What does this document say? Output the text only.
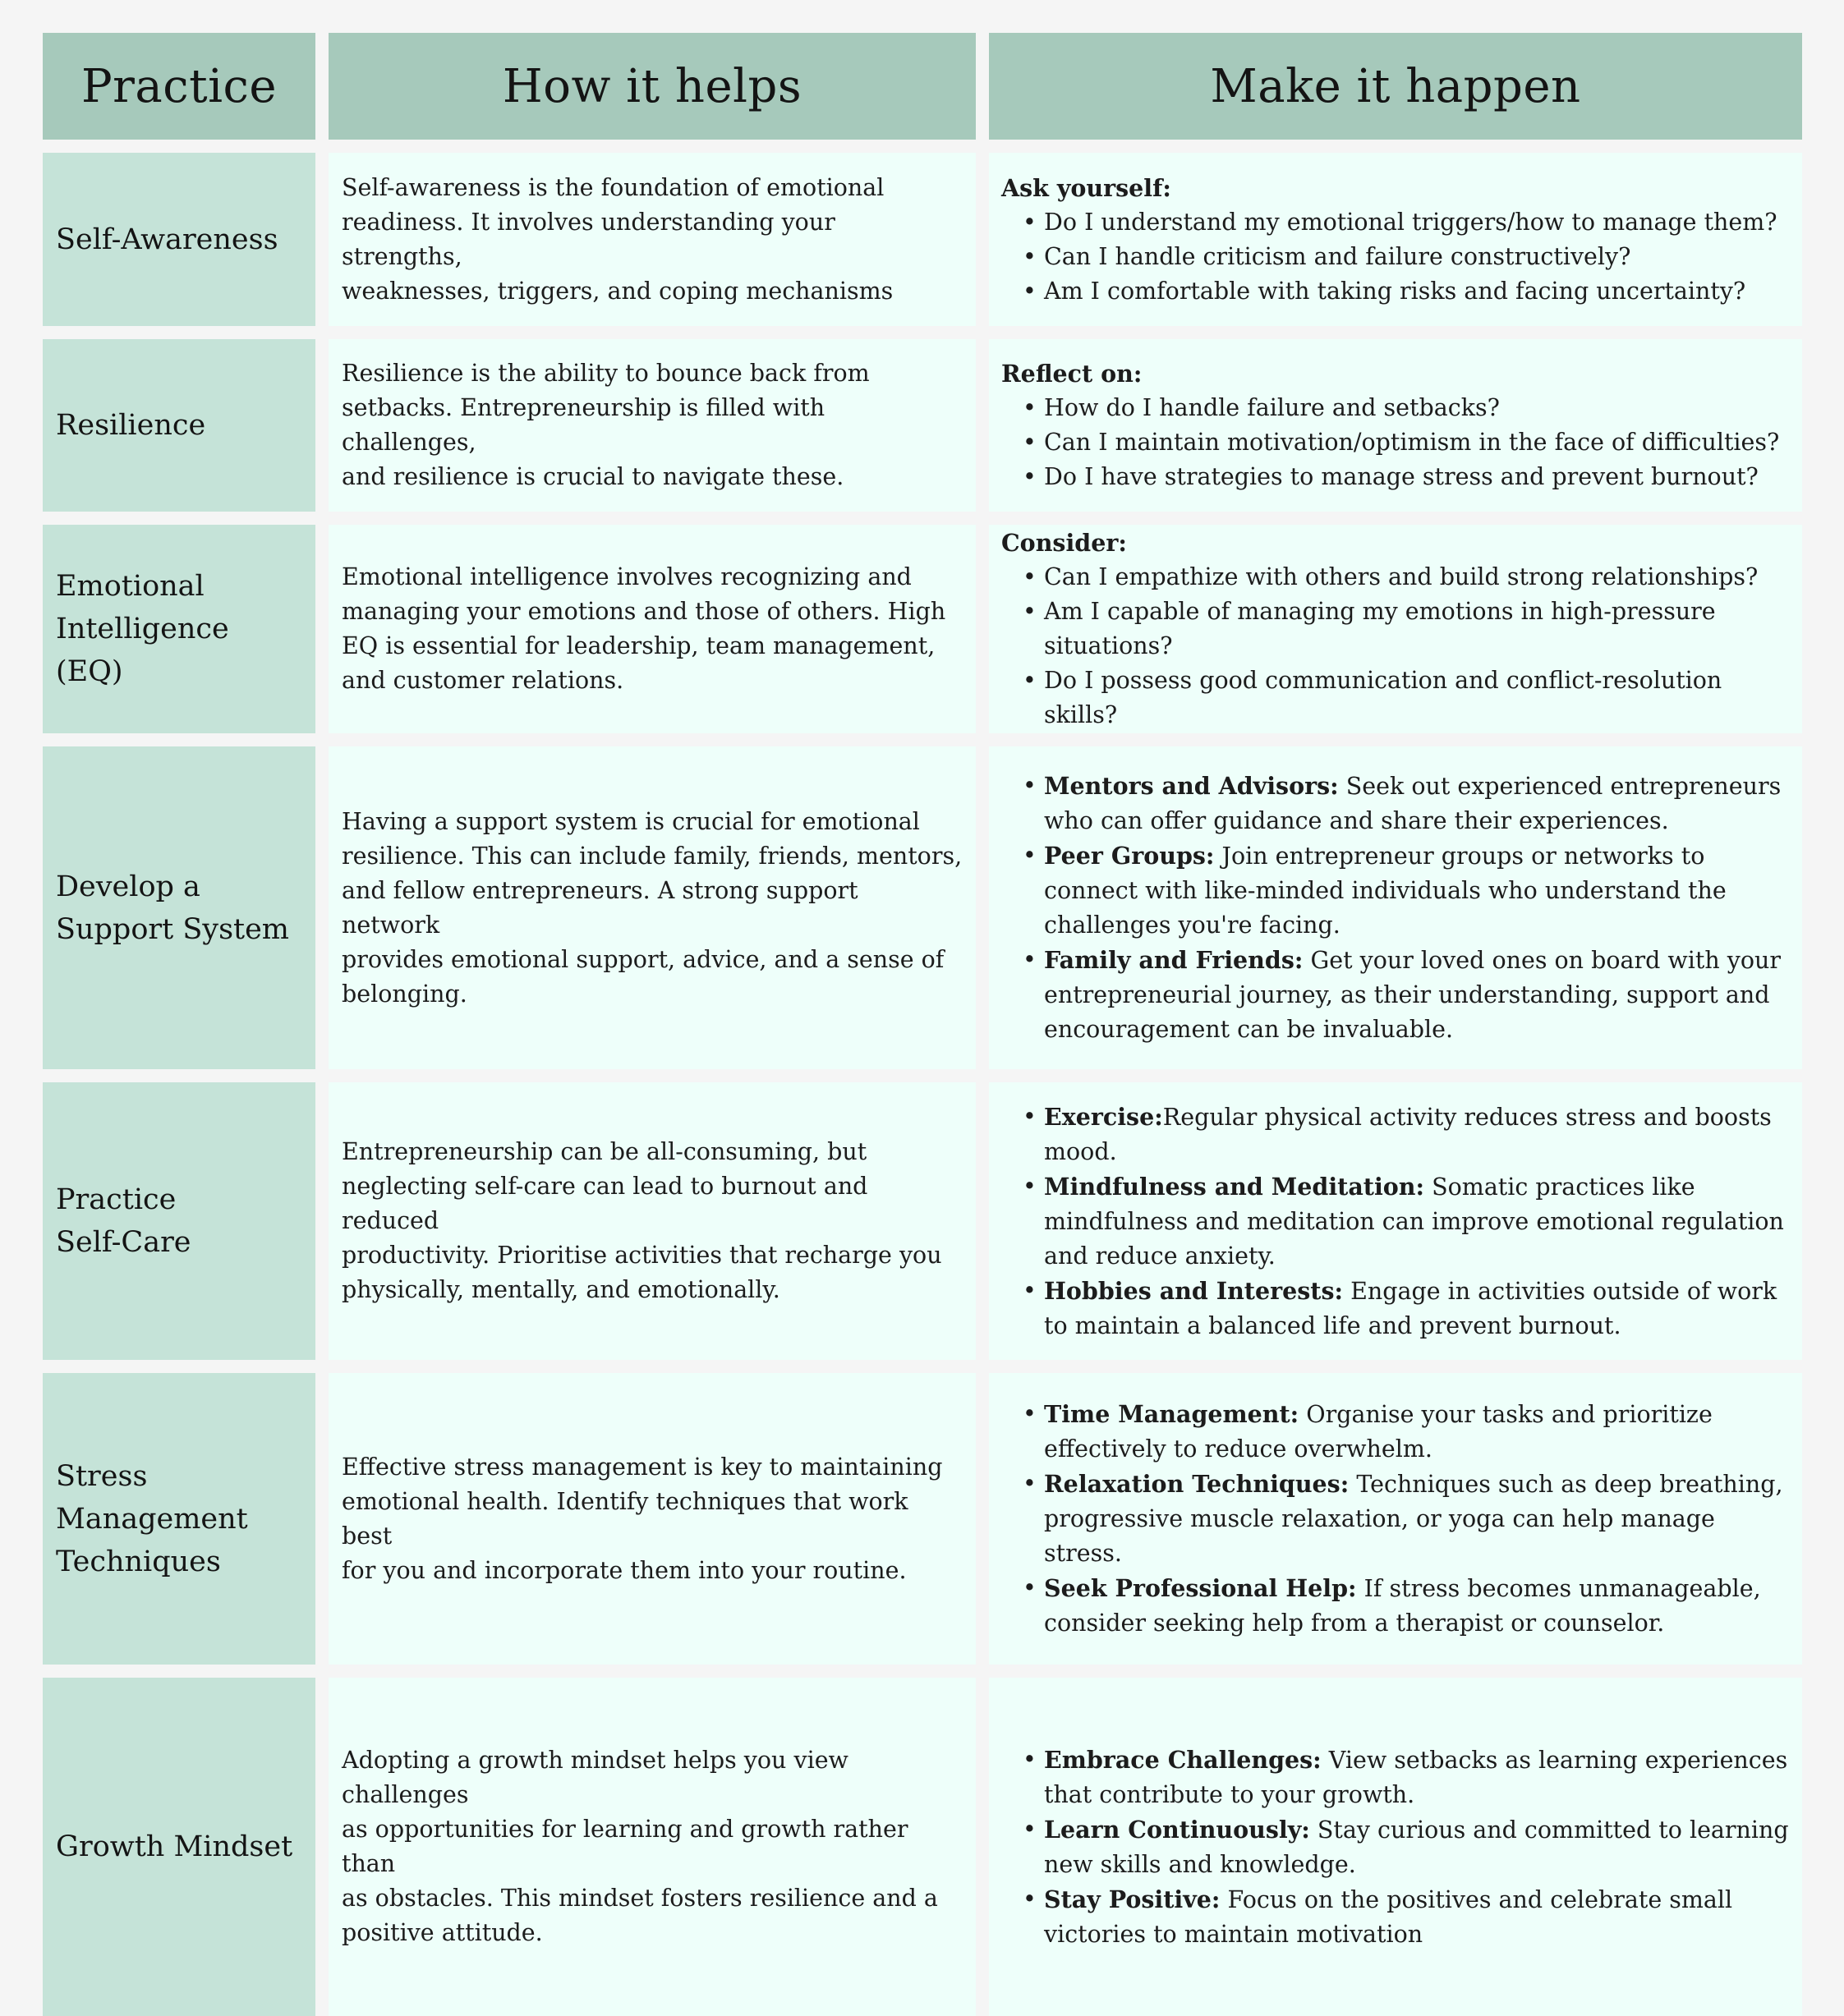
Practice	How it helps	Make it happen
Self-Awareness
Self-awareness is the foundation of emotional
readiness. It involves understanding your strengths,
weaknesses, triggers, and coping mechanisms
Ask yourself:
• Do I understand my emotional triggers/how to manage them?
• Can I handle criticism and failure constructively?
• Am I comfortable with taking risks and facing uncertainty?
Resilience
Resilience is the ability to bounce back from
setbacks. Entrepreneurship is filled with challenges,
and resilience is crucial to navigate these.
Reflect on:
• How do I handle failure and setbacks?
• Can I maintain motivation/optimism in the face of difficulties?
• Do I have strategies to manage stress and prevent burnout?
Emotional
Intelligence (EQ)
Emotional intelligence involves recognizing and
managing your emotions and those of others. High
EQ is essential for leadership, team management,
and customer relations.
Consider:
• Can I empathize with others and build strong relationships?
• Am I capable of managing my emotions in high-pressure situations?
• Do I possess good communication and conflict-resolution skills?
Develop a
Support System
Having a support system is crucial for emotional
resilience. This can include family, friends, mentors,
and fellow entrepreneurs. A strong support network
provides emotional support, advice, and a sense of
belonging.
• Mentors and Advisors: Seek out experienced entrepreneurs who can offer guidance and share their experiences.
• Peer Groups: Join entrepreneur groups or networks to connect with like-minded individuals who understand the challenges you're facing.
• Family and Friends: Get your loved ones on board with your entrepreneurial journey, as their understanding, support and encouragement can be invaluable.
Practice
Self-Care
Entrepreneurship can be all-consuming, but
neglecting self-care can lead to burnout and reduced
productivity. Prioritise activities that recharge you
physically, mentally, and emotionally.
• Exercise:Regular physical activity reduces stress and boosts mood.
• Mindfulness and Meditation: Somatic practices like mindfulness and meditation can improve emotional regulation and reduce anxiety.
• Hobbies and Interests: Engage in activities outside of work to maintain a balanced life and prevent burnout.
Stress
Management
Techniques
Effective stress management is key to maintaining
emotional health. Identify techniques that work best
for you and incorporate them into your routine.
• Time Management: Organise your tasks and prioritize effectively to reduce overwhelm.
• Relaxation Techniques: Techniques such as deep breathing, progressive muscle relaxation, or yoga can help manage stress.
• Seek Professional Help: If stress becomes unmanageable, consider seeking help from a therapist or counselor.
Growth Mindset
Adopting a growth mindset helps you view challenges
as opportunities for learning and growth rather than
as obstacles. This mindset fosters resilience and a
positive attitude.
• Embrace Challenges: View setbacks as learning experiences that contribute to your growth.
• Learn Continuously: Stay curious and committed to learning new skills and knowledge.
• Stay Positive: Focus on the positives and celebrate small victories to maintain motivation
